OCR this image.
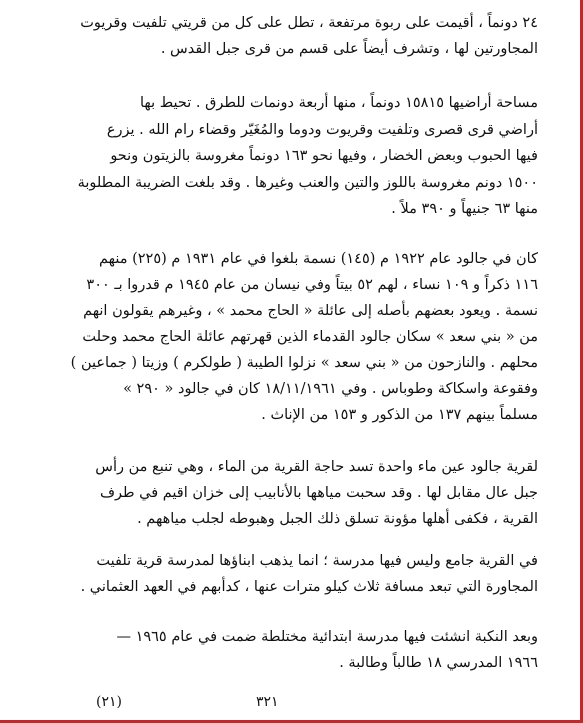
٢٤ دونماً ، أقيمت على ربوة مرتفعة ، تطل على كل من قريتي تلفيت وقريوت
المجاورتين لها ، وتشرف أيضاً على قسم من قرى جبل القدس .
مساحة أراضيها ١٥٨١٥ دونماً ، منها أربعة دونمات للطرق . تحيط بها
أراضي قرى قصرى وتلفيت وقريوت ودوما والمُغَيّر وقضاء رام الله . يزرع
فيها الحبوب وبعض الخضار ، وفيها نحو ١٦٣ دونماً مغروسة بالزيتون ونحو
١٥٠٠ دونم مغروسة باللوز والتين والعنب وغيرها . وقد بلغت الضريبة المطلوبة
منها ٦٣ جنيهاً و ٣٩٠ ملاً .
كان في جالود عام ١٩٢٢ م (١٤٥) نسمة بلغوا في عام ١٩٣١ م (٢٢٥) منهم
١١٦ ذكراً و ١٠٩ نساء ، لهم ٥٢ بيتاً وفي نيسان من عام ١٩٤٥ م قدروا بـ ٣٠٠
نسمة . ويعود بعضهم بأصله إلى عائلة « الحاج محمد » ، وغيرهم يقولون انهم
من « بني سعد » سكان جالود القدماء الذين قهرتهم عائلة الحاج محمد وحلت
محلهم . والنازحون من « بني سعد » نزلوا الطيبة ( طولكرم ) وزيتا ( جماعين )
وفقوعة واسكاكة وطوباس . وفي ١٨/١١/١٩٦١ كان في جالود « ٢٩٠ »
مسلماً بينهم ١٣٧ من الذكور و ١٥٣ من الإناث .
لقرية جالود عين ماء واحدة تسد حاجة القرية من الماء ، وهي تنبع من رأس
جبل عال مقابل لها . وقد سحبت مياهها بالأنابيب إلى خزان اقيم في طرف
القرية ، فكفى أهلها مؤونة تسلق ذلك الجبل وهبوطه لجلب مياههم .
في القرية جامع وليس فيها مدرسة ؛ انما يذهب ابناؤها لمدرسة قرية تلفيت
المجاورة التي تبعد مسافة ثلاث كيلو مترات عنها ، كدأبهم في العهد العثماني .
وبعد النكبة انشئت فيها مدرسة ابتدائية مختلطة ضمت في عام ١٩٦٥ —
١٩٦٦ المدرسي ١٨ طالباً وطالبة .
(٢١)	٣٢١
